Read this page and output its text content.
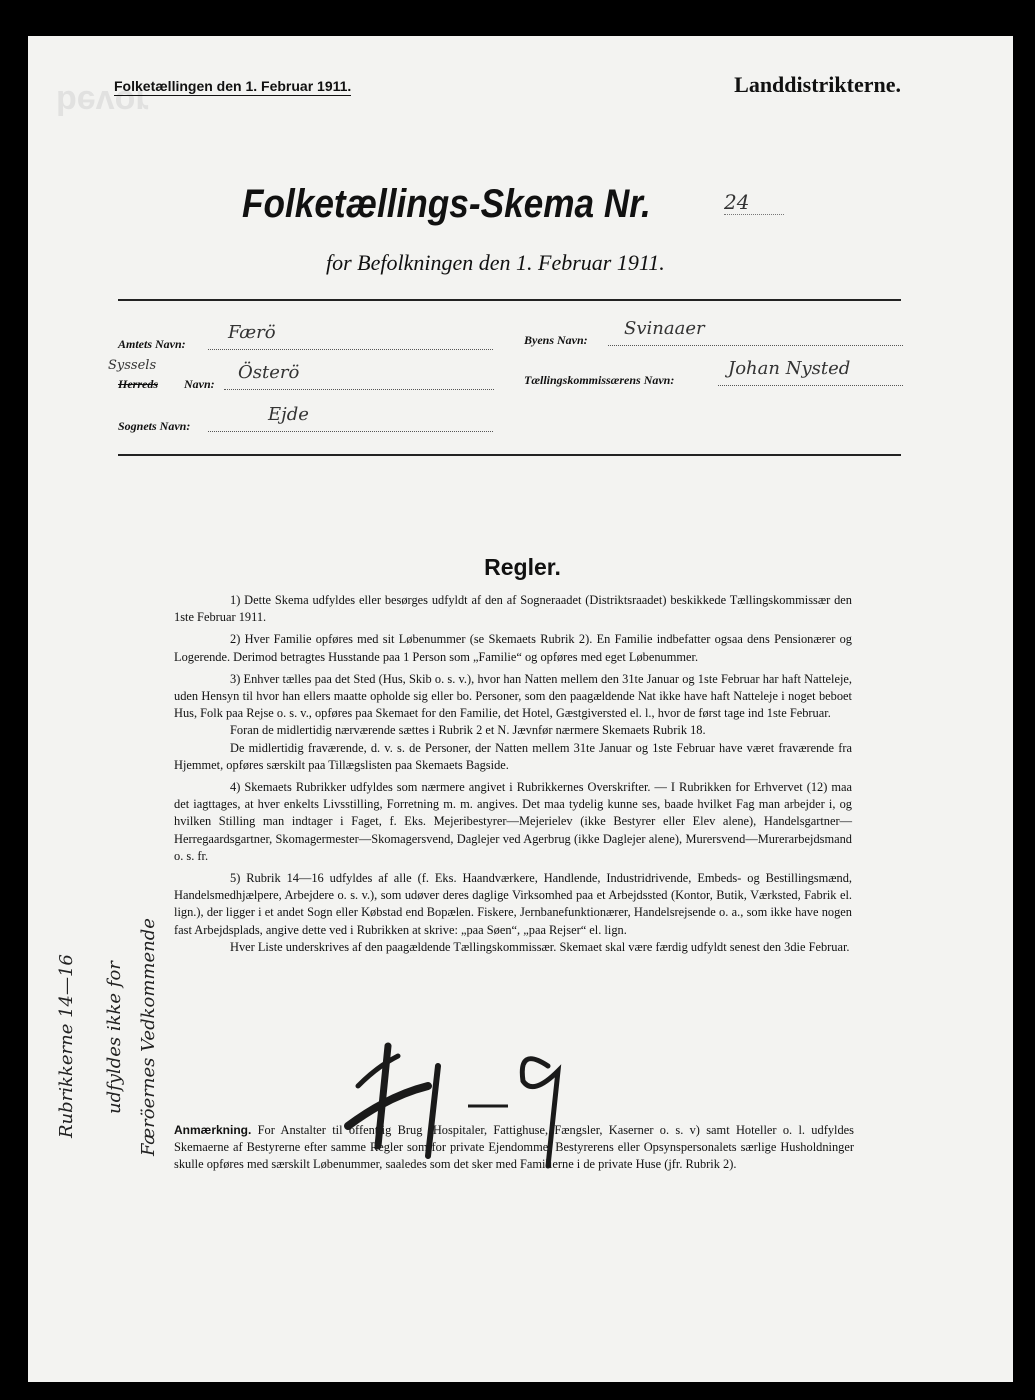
bevor
Folketællingen den 1. Februar 1911.	Landdistrikterne.
Folketællings-Skema Nr.	24
for Befolkningen den 1. Februar 1911.
Amtets Navn:
Færö
Syssels
Herreds Navn:
Österö
Sognets Navn:
Ejde
Byens Navn:
Svinaaer
Tællingskommissærens Navn:
Johan Nysted
Regler.

1) Dette Skema udfyldes eller besørges udfyldt af den af Sogneraadet (Distriktsraadet) beskikkede Tællingskommissær den 1ste Februar 1911.

2) Hver Familie opføres med sit Løbenummer (se Skemaets Rubrik 2). En Familie indbefatter ogsaa dens Pensionærer og Logerende. Derimod betragtes Husstande paa 1 Person som „Familie“ og opføres med eget Løbenummer.

3) Enhver tælles paa det Sted (Hus, Skib o. s. v.), hvor han Natten mellem den 31te Januar og 1ste Februar har haft Natteleje, uden Hensyn til hvor han ellers maatte opholde sig eller bo. Personer, som den paagældende Nat ikke have haft Natteleje i noget beboet Hus, Folk paa Rejse o. s. v., opføres paa Skemaet for den Familie, det Hotel, Gæstgiversted el. l., hvor de først tage ind 1ste Februar.

Foran de midlertidig nærværende sættes i Rubrik 2 et N. Jævnfør nærmere Skemaets Rubrik 18.

De midlertidig fraværende, d. v. s. de Personer, der Natten mellem 31te Januar og 1ste Februar have været fraværende fra Hjemmet, opføres særskilt paa Tillægslisten paa Skemaets Bagside.

4) Skemaets Rubrikker udfyldes som nærmere angivet i Rubrikkernes Overskrifter. — I Rubrikken for Erhvervet (12) maa det iagttages, at hver enkelts Livsstilling, Forretning m. m. angives. Det maa tydelig kunne ses, baade hvilket Fag man arbejder i, og hvilken Stilling man indtager i Faget, f. Eks. Mejeribestyrer—Mejerielev (ikke Bestyrer eller Elev alene), Handelsgartner—Herregaardsgartner, Skomagermester—Skomagersvend, Daglejer ved Agerbrug (ikke Daglejer alene), Murersvend—Murerarbejdsmand o. s. fr.

5) Rubrik 14—16 udfyldes af alle (f. Eks. Haandværkere, Handlende, Industridrivende, Embeds- og Bestillingsmænd, Handelsmedhjælpere, Arbejdere o. s. v.), som udøver deres daglige Virksomhed paa et Arbejdssted (Kontor, Butik, Værksted, Fabrik el. lign.), der ligger i et andet Sogn eller Købstad end Bopælen. Fiskere, Jernbanefunktionærer, Handelsrejsende o. a., som ikke have nogen fast Arbejdsplads, angive dette ved i Rubrikken at skrive: „paa Søen“, „paa Rejser“ el. lign.

Hver Liste underskrives af den paagældende Tællingskommissær. Skemaet skal være færdig udfyldt senest den 3die Februar.

Anmærkning. For Anstalter til offentlig Brug (Hospitaler, Fattighuse, Fængsler, Kaserner o. s. v) samt Hoteller o. l. udfyldes Skemaerne af Bestyrerne efter samme Regler som for private Ejendomme. Bestyrerens eller Opsynspersonalets særlige Husholdninger skulle opføres med særskilt Løbenummer, saaledes som det sker med Familierne i de private Huse (jfr. Rubrik 2).
Rubrikkerne 14—16 udfyldes ikke for Færöernes Vedkommende
